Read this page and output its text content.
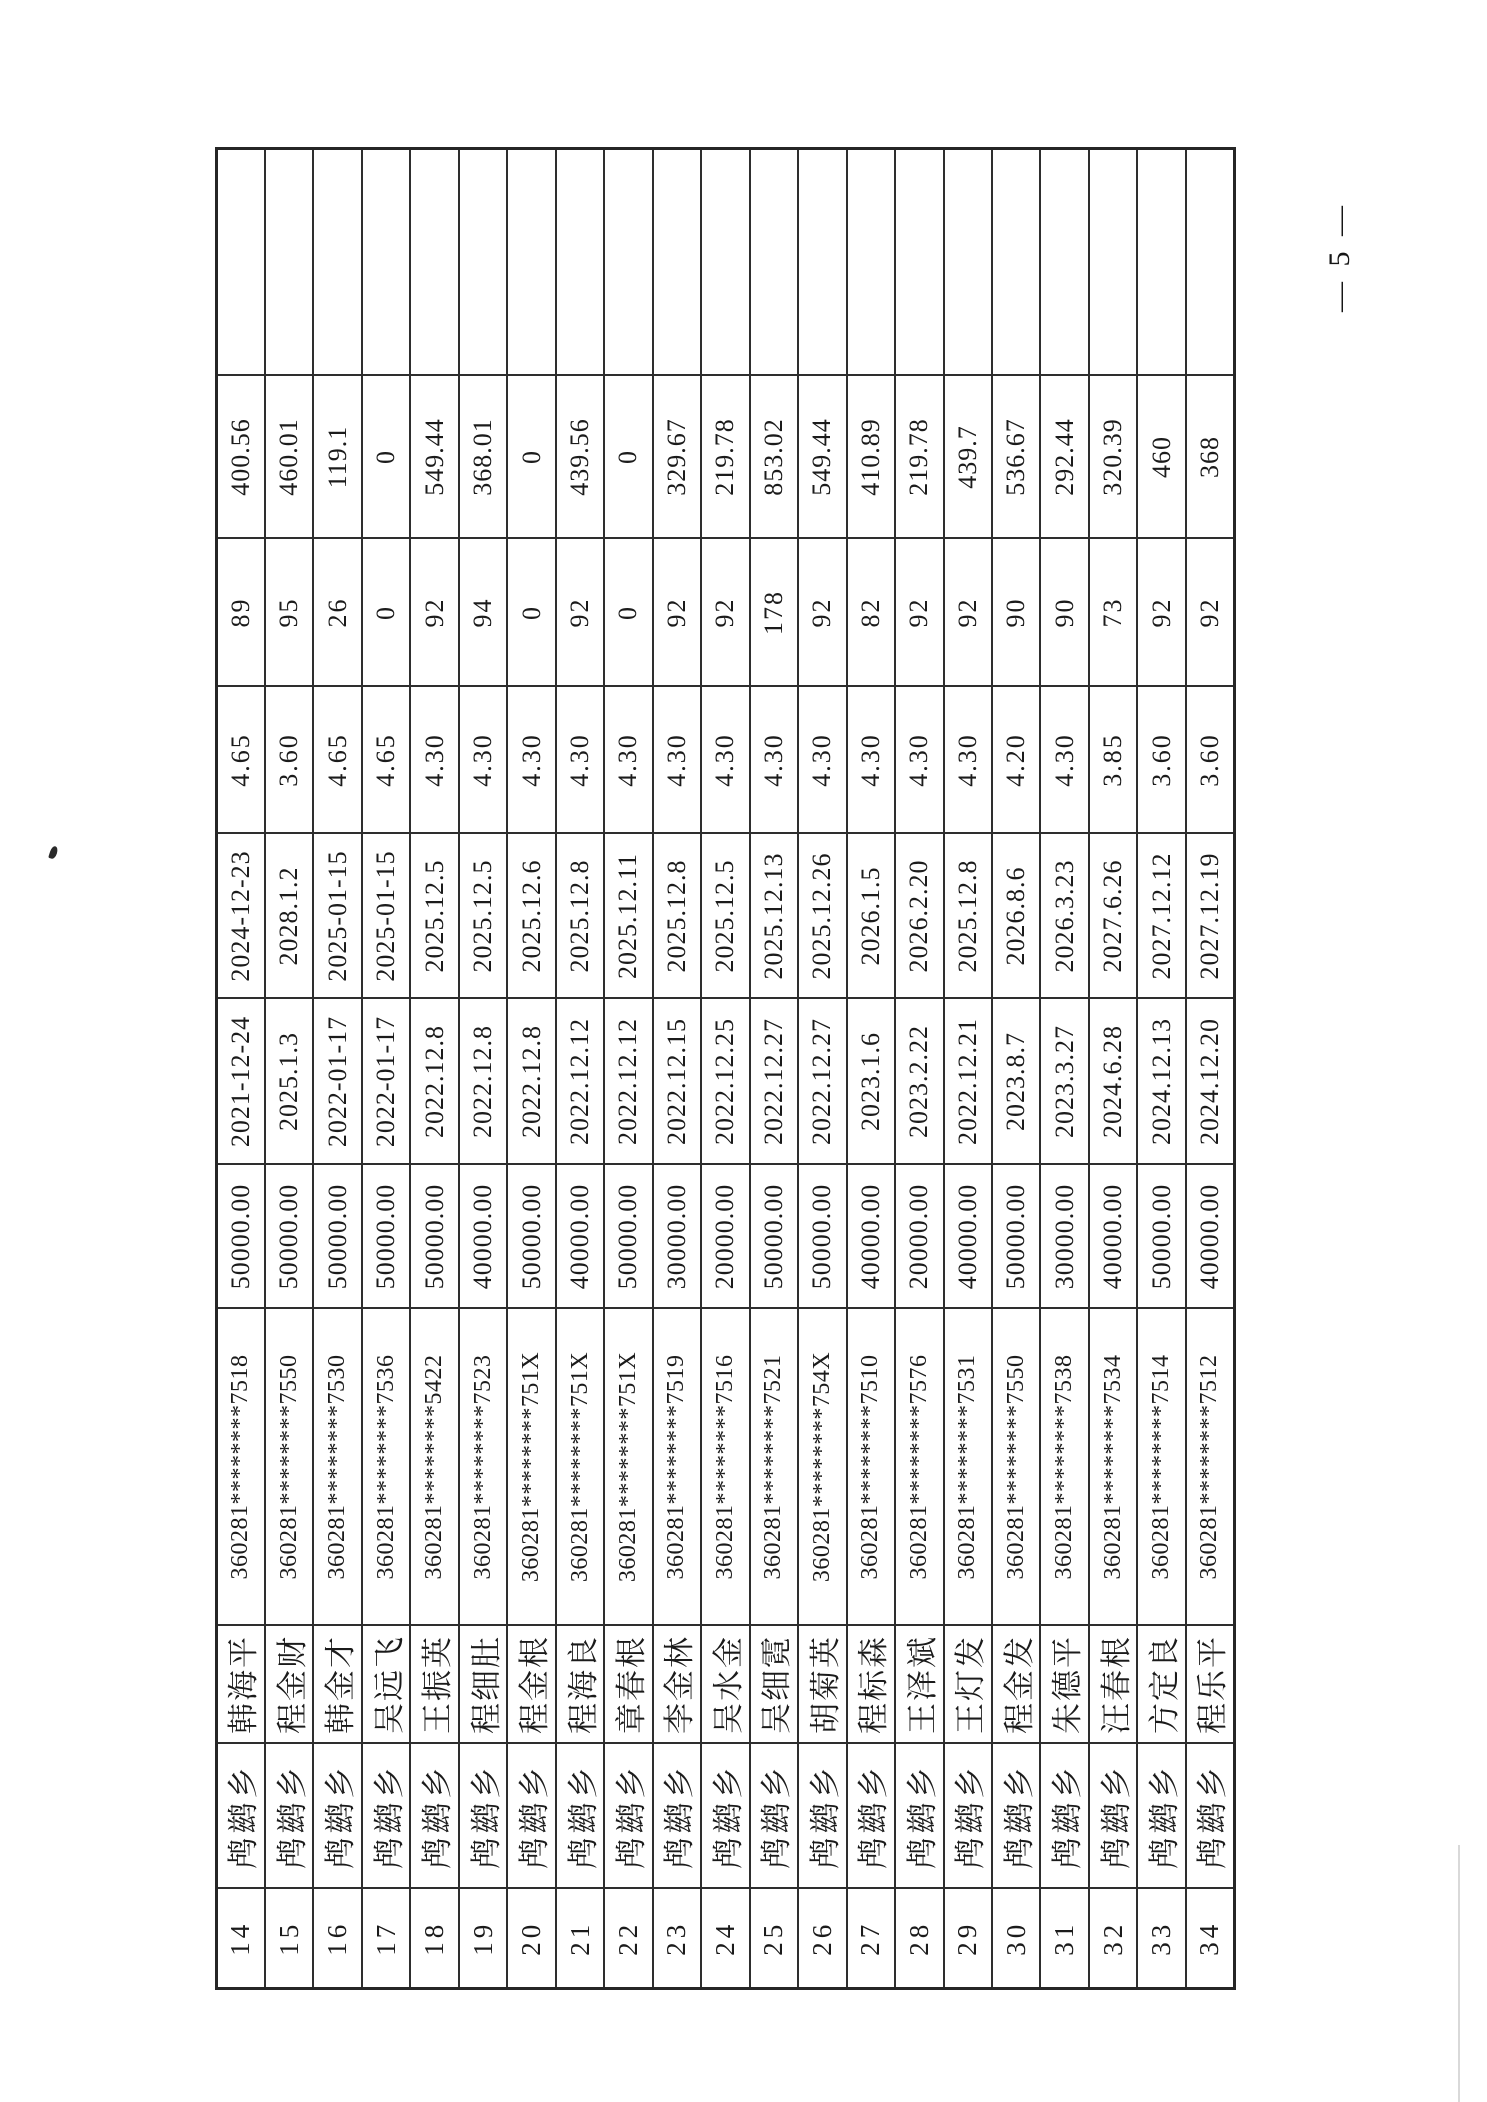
— 5 —
14	鸬鹚乡	韩海平	360281********7518	50000.00	2021-12-24	2024-12-23	4.65	89	400.56	
15	鸬鹚乡	程金财	360281********7550	50000.00	2025.1.3	2028.1.2	3.60	95	460.01	
16	鸬鹚乡	韩金才	360281********7530	50000.00	2022-01-17	2025-01-15	4.65	26	119.1	
17	鸬鹚乡	吴远飞	360281********7536	50000.00	2022-01-17	2025-01-15	4.65	0	0	
18	鸬鹚乡	王振英	360281********5422	50000.00	2022.12.8	2025.12.5	4.30	92	549.44	
19	鸬鹚乡	程细肚	360281********7523	40000.00	2022.12.8	2025.12.5	4.30	94	368.01	
20	鸬鹚乡	程金根	360281********751X	50000.00	2022.12.8	2025.12.6	4.30	0	0	
21	鸬鹚乡	程海良	360281********751X	40000.00	2022.12.12	2025.12.8	4.30	92	439.56	
22	鸬鹚乡	章春根	360281********751X	50000.00	2022.12.12	2025.12.11	4.30	0	0	
23	鸬鹚乡	李金林	360281********7519	30000.00	2022.12.15	2025.12.8	4.30	92	329.67	
24	鸬鹚乡	吴水金	360281********7516	20000.00	2022.12.25	2025.12.5	4.30	92	219.78	
25	鸬鹚乡	吴细霓	360281********7521	50000.00	2022.12.27	2025.12.13	4.30	178	853.02	
26	鸬鹚乡	胡菊英	360281********754X	50000.00	2022.12.27	2025.12.26	4.30	92	549.44	
27	鸬鹚乡	程标森	360281********7510	40000.00	2023.1.6	2026.1.5	4.30	82	410.89	
28	鸬鹚乡	王泽斌	360281********7576	20000.00	2023.2.22	2026.2.20	4.30	92	219.78	
29	鸬鹚乡	王灯发	360281********7531	40000.00	2022.12.21	2025.12.8	4.30	92	439.7	
30	鸬鹚乡	程金发	360281********7550	50000.00	2023.8.7	2026.8.6	4.20	90	536.67	
31	鸬鹚乡	朱德平	360281********7538	30000.00	2023.3.27	2026.3.23	4.30	90	292.44	
32	鸬鹚乡	汪春根	360281********7534	40000.00	2024.6.28	2027.6.26	3.85	73	320.39	
33	鸬鹚乡	方定良	360281********7514	50000.00	2024.12.13	2027.12.12	3.60	92	460	
34	鸬鹚乡	程乐平	360281********7512	40000.00	2024.12.20	2027.12.19	3.60	92	368	
